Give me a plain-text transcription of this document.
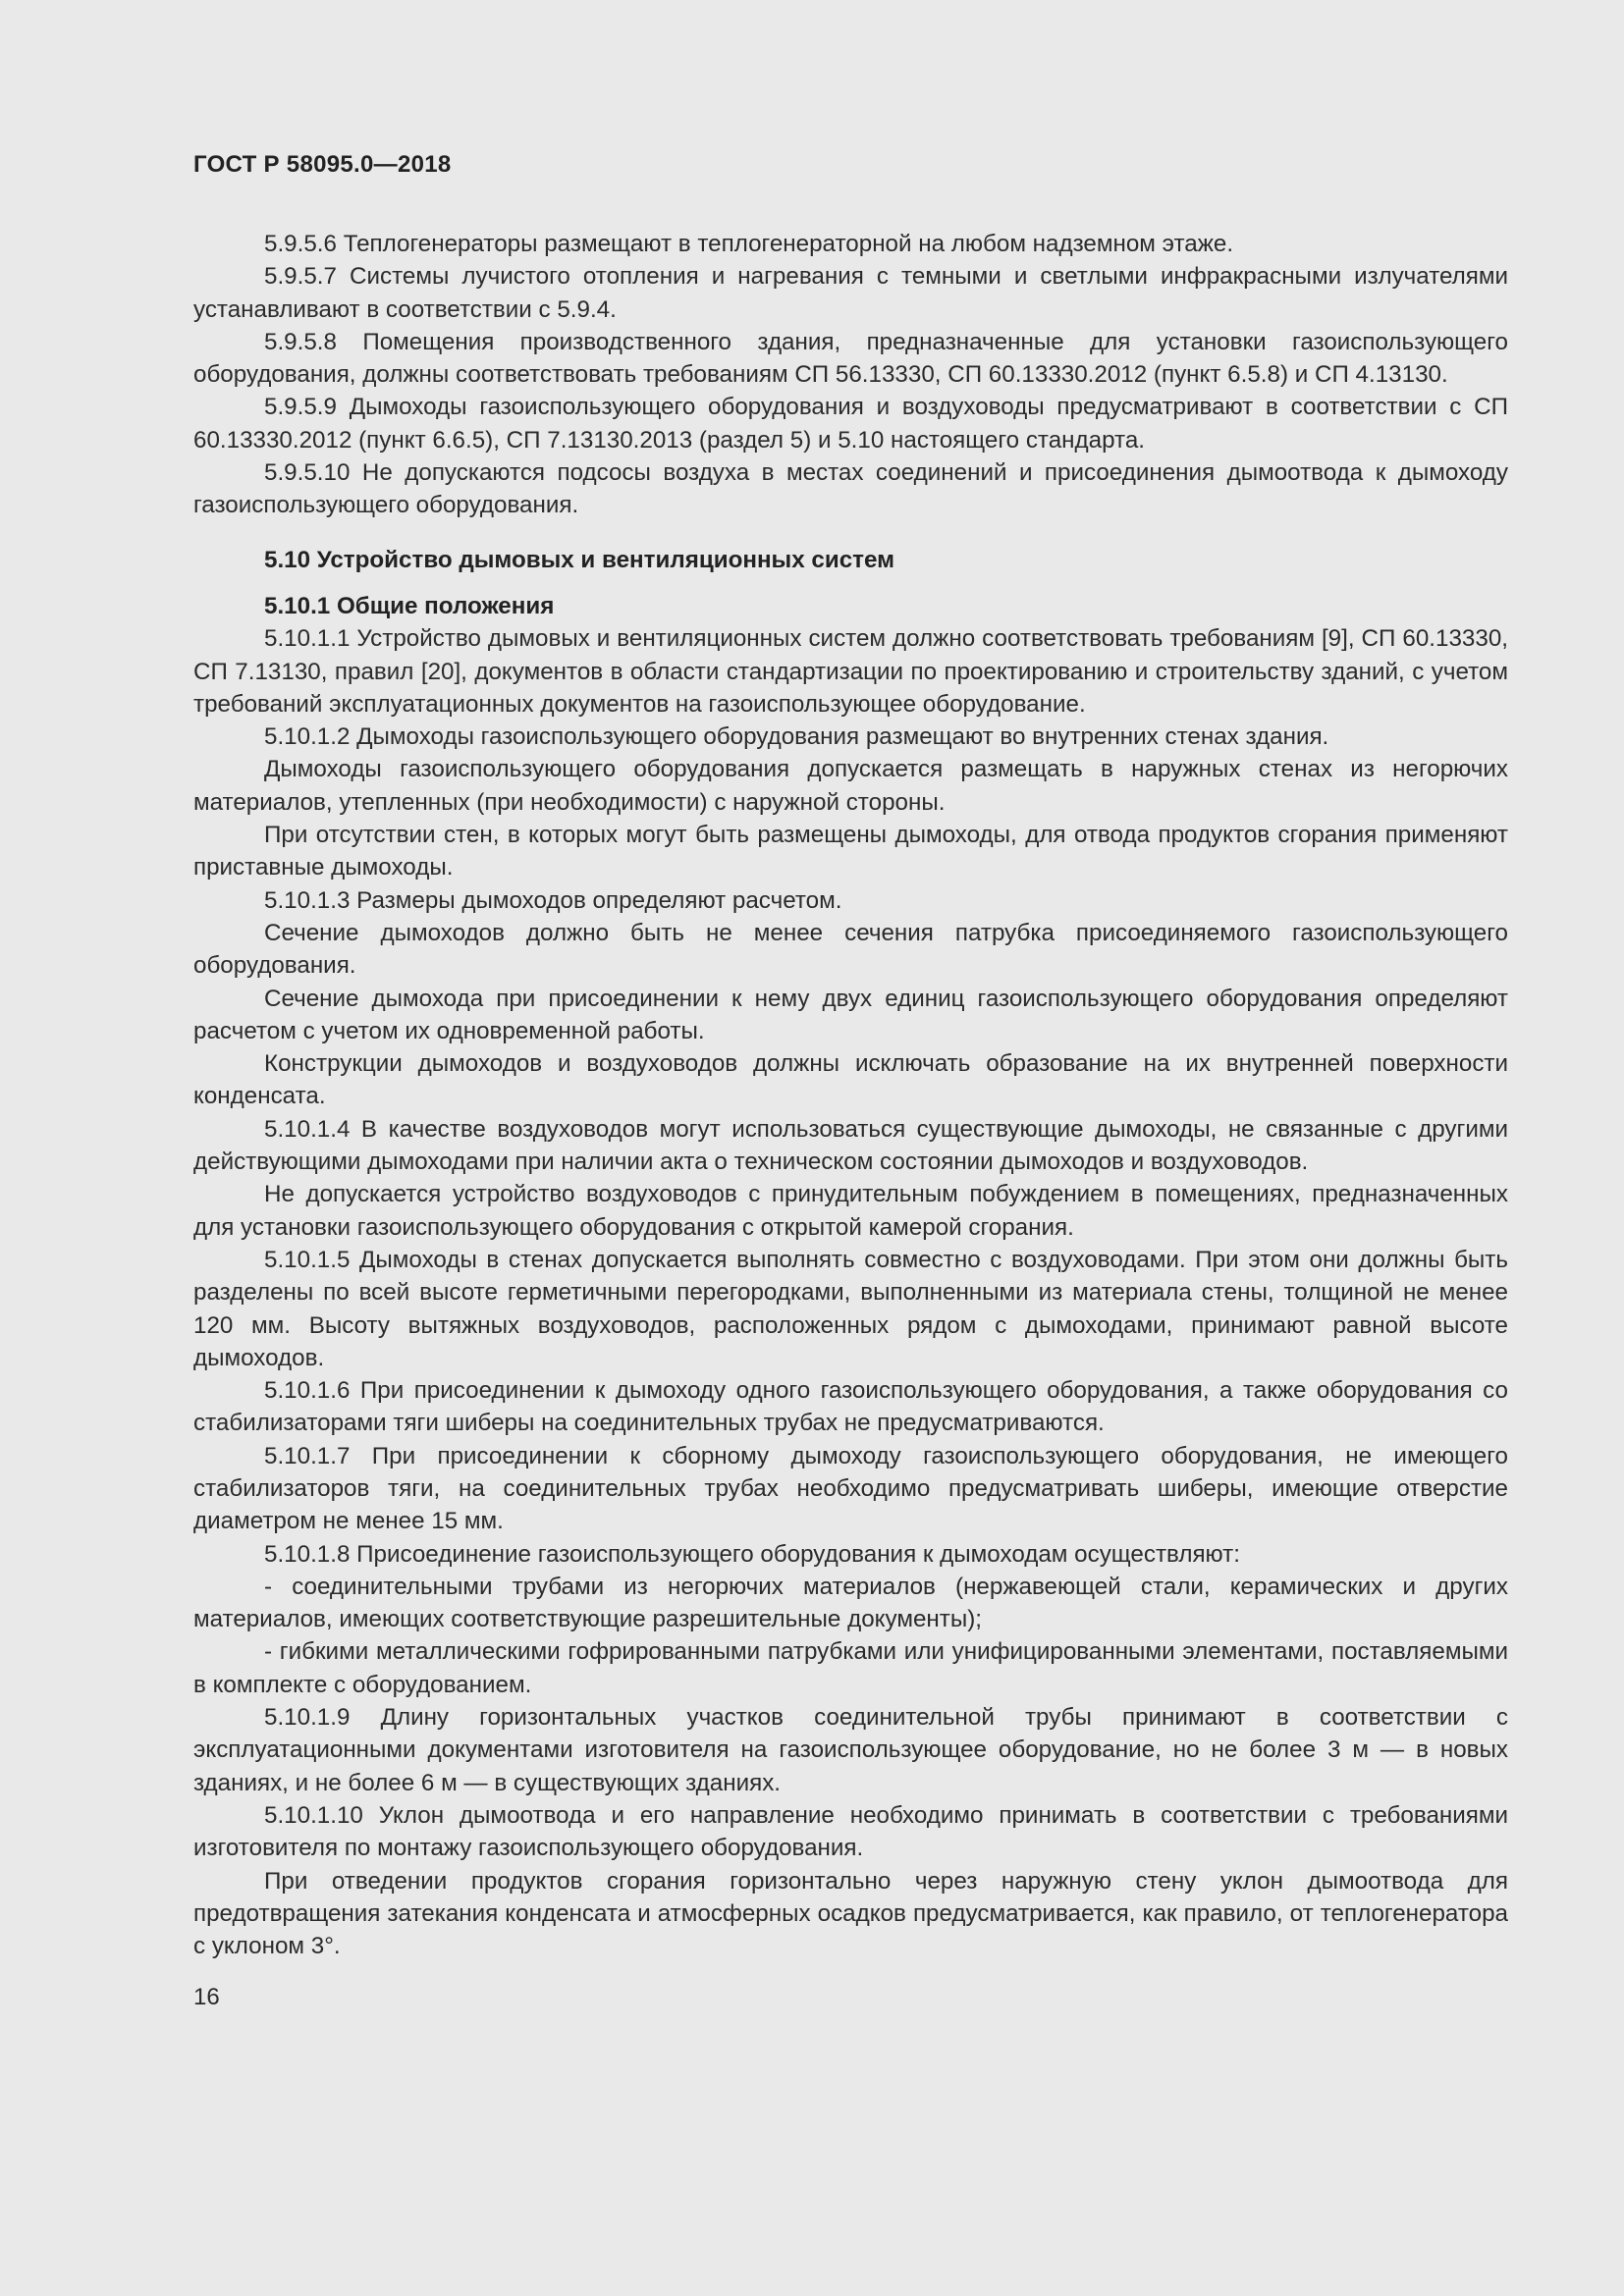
ГОСТ Р 58095.0—2018

5.9.5.6 Теплогенераторы размещают в теплогенераторной на любом надземном этаже.

5.9.5.7 Системы лучистого отопления и нагревания с темными и светлыми инфракрасными излучателями устанавливают в соответствии с 5.9.4.

5.9.5.8 Помещения производственного здания, предназначенные для установки газоиспользующего оборудования, должны соответствовать требованиям СП 56.13330, СП 60.13330.2012 (пункт 6.5.8) и СП 4.13130.

5.9.5.9 Дымоходы газоиспользующего оборудования и воздуховоды предусматривают в соответствии с СП 60.13330.2012 (пункт 6.6.5), СП 7.13130.2013 (раздел 5) и 5.10 настоящего стандарта.

5.9.5.10 Не допускаются подсосы воздуха в местах соединений и присоединения дымоотвода к дымоходу газоиспользующего оборудования.

5.10 Устройство дымовых и вентиляционных систем

5.10.1 Общие положения

5.10.1.1 Устройство дымовых и вентиляционных систем должно соответствовать требованиям [9], СП 60.13330, СП 7.13130, правил [20], документов в области стандартизации по проектированию и строительству зданий, с учетом требований эксплуатационных документов на газоиспользующее оборудование.

5.10.1.2 Дымоходы газоиспользующего оборудования размещают во внутренних стенах здания.

Дымоходы газоиспользующего оборудования допускается размещать в наружных стенах из негорючих материалов, утепленных (при необходимости) с наружной стороны.

При отсутствии стен, в которых могут быть размещены дымоходы, для отвода продуктов сгорания применяют приставные дымоходы.

5.10.1.3 Размеры дымоходов определяют расчетом.

Сечение дымоходов должно быть не менее сечения патрубка присоединяемого газоиспользующего оборудования.

Сечение дымохода при присоединении к нему двух единиц газоиспользующего оборудования определяют расчетом с учетом их одновременной работы.

Конструкции дымоходов и воздуховодов должны исключать образование на их внутренней поверхности конденсата.

5.10.1.4 В качестве воздуховодов могут использоваться существующие дымоходы, не связанные с другими действующими дымоходами при наличии акта о техническом состоянии дымоходов и воздуховодов.

Не допускается устройство воздуховодов с принудительным побуждением в помещениях, предназначенных для установки газоиспользующего оборудования с открытой камерой сгорания.

5.10.1.5 Дымоходы в стенах допускается выполнять совместно с воздуховодами. При этом они должны быть разделены по всей высоте герметичными перегородками, выполненными из материала стены, толщиной не менее 120 мм. Высоту вытяжных воздуховодов, расположенных рядом с дымоходами, принимают равной высоте дымоходов.

5.10.1.6 При присоединении к дымоходу одного газоиспользующего оборудования, а также оборудования со стабилизаторами тяги шиберы на соединительных трубах не предусматриваются.

5.10.1.7 При присоединении к сборному дымоходу газоиспользующего оборудования, не имеющего стабилизаторов тяги, на соединительных трубах необходимо предусматривать шиберы, имеющие отверстие диаметром не менее 15 мм.

5.10.1.8 Присоединение газоиспользующего оборудования к дымоходам осуществляют:

- соединительными трубами из негорючих материалов (нержавеющей стали, керамических и других материалов, имеющих соответствующие разрешительные документы);

- гибкими металлическими гофрированными патрубками или унифицированными элементами, поставляемыми в комплекте с оборудованием.

5.10.1.9 Длину горизонтальных участков соединительной трубы принимают в соответствии с эксплуатационными документами изготовителя на газоиспользующее оборудование, но не более 3 м — в новых зданиях, и не более 6 м — в существующих зданиях.

5.10.1.10 Уклон дымоотвода и его направление необходимо принимать в соответствии с требованиями изготовителя по монтажу газоиспользующего оборудования.

При отведении продуктов сгорания горизонтально через наружную стену уклон дымоотвода для предотвращения затекания конденсата и атмосферных осадков предусматривается, как правило, от теплогенератора с уклоном 3°.

16
